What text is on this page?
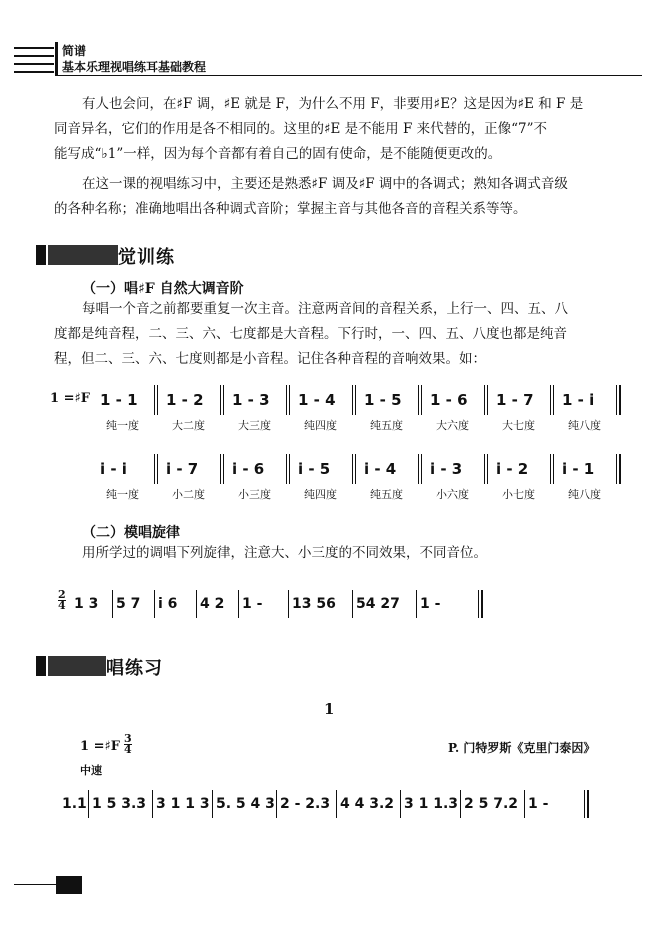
简谱
基本乐理视唱练耳基础教程

有人也会问，在♯F 调，♯E 就是 F，为什么不用 F，非要用♯E？这是因为♯E 和 F 是

同音异名，它们的作用是各不相同的。这里的♯E 是不能用 F 来代替的，正像“7”不

能写成“♭1”一样，因为每个音都有着自己的固有使命，是不能随便更改的。

在这一课的视唱练习中，主要还是熟悉♯F 调及♯F 调中的各调式；熟知各调式音级

的各种名称；准确地唱出各种调式音阶；掌握主音与其他各音的音程关系等等。

觉训练
（一）唱♯F 自然大调音阶

每唱一个音之前都要重复一次主音。注意两音间的音程关系，上行一、四、五、八

度都是纯音程，二、三、六、七度都是大音程。下行时，一、四、五、八度也都是纯音

程，但二、三、六、七度则都是小音程。记住各种音程的音响效果。如：

1 =♯F 1 - 1
纯一度
1 - 2
大二度
1 - 3
大三度
1 - 4
纯四度
1 - 5
纯五度
1 - 6
大六度
1 - 7
大七度
1 - i
纯八度
i - i
纯一度
i - 7
小二度
i - 6
小三度
i - 5
纯四度
i - 4
纯五度
i - 3
小六度
i - 2
小七度
i - 1
纯八度
（二）模唱旋律
用所学过的调唱下列旋律，注意大、小三度的不同效果，不同音位。
2
4 1 3 5 7 i 6 4 2 1 - 13 56 54 27 1 -
唱练习
1
1 =♯F
3
4	P. 门特罗斯《克里门泰因》
中速
1.1 1 5 3.3 3 1 1 3 5. 5 4 3 2 - 2.3 4 4 3.2 3 1 1.3 2 5 7.2 1 -
